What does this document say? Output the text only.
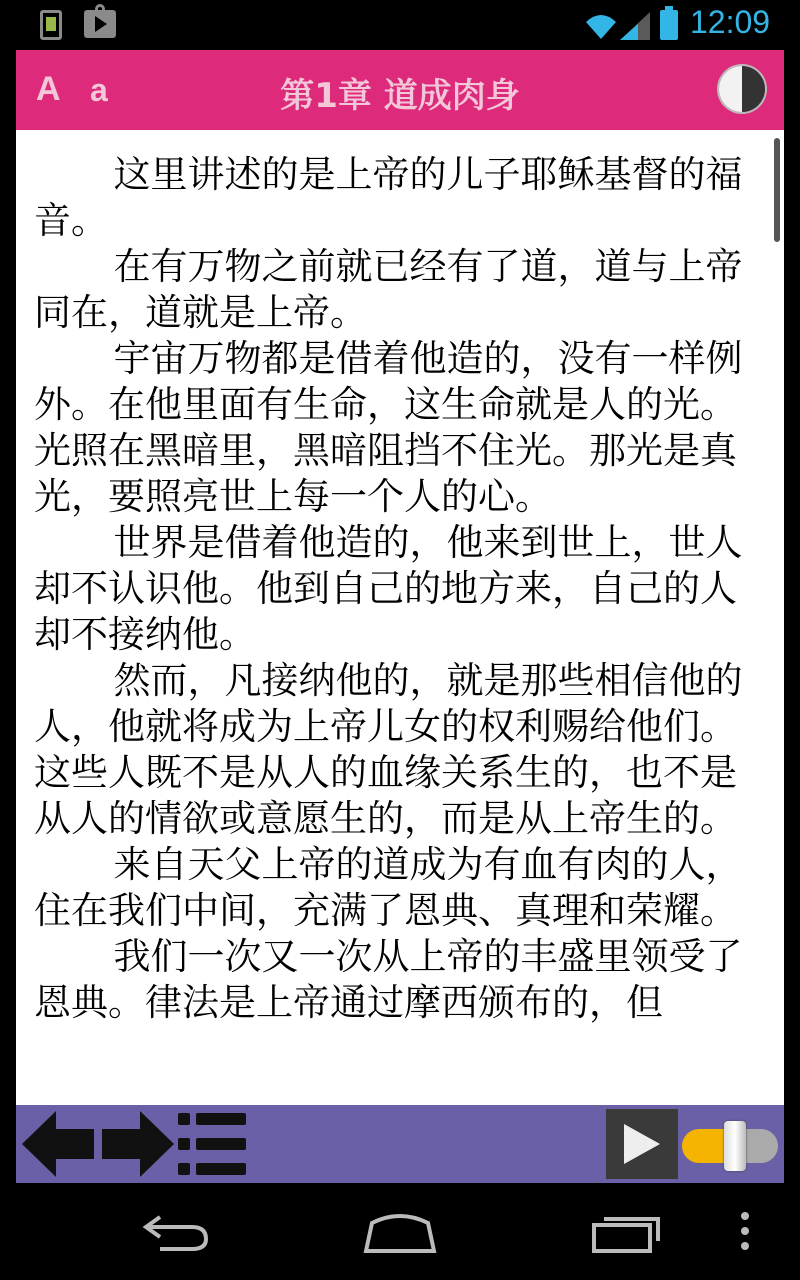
12:09
A a	第1章 道成肉身

这里讲述的是上帝的儿子耶稣基督的福音。

在有万物之前就已经有了道，道与上帝同在，道就是上帝。

宇宙万物都是借着他造的，没有一样例外。在他里面有生命，这生命就是人的光。光照在黑暗里，黑暗阻挡不住光。那光是真光，要照亮世上每一个人的心。

世界是借着他造的，他来到世上，世人却不认识他。他到自己的地方来，自己的人却不接纳他。

然而，凡接纳他的，就是那些相信他的人，他就将成为上帝儿女的权利赐给他们。这些人既不是从人的血缘关系生的，也不是从人的情欲或意愿生的，而是从上帝生的。

来自天父上帝的道成为有血有肉的人，住在我们中间，充满了恩典、真理和荣耀。

我们一次又一次从上帝的丰盛里领受了恩典。律法是上帝通过摩西颁布的，但
